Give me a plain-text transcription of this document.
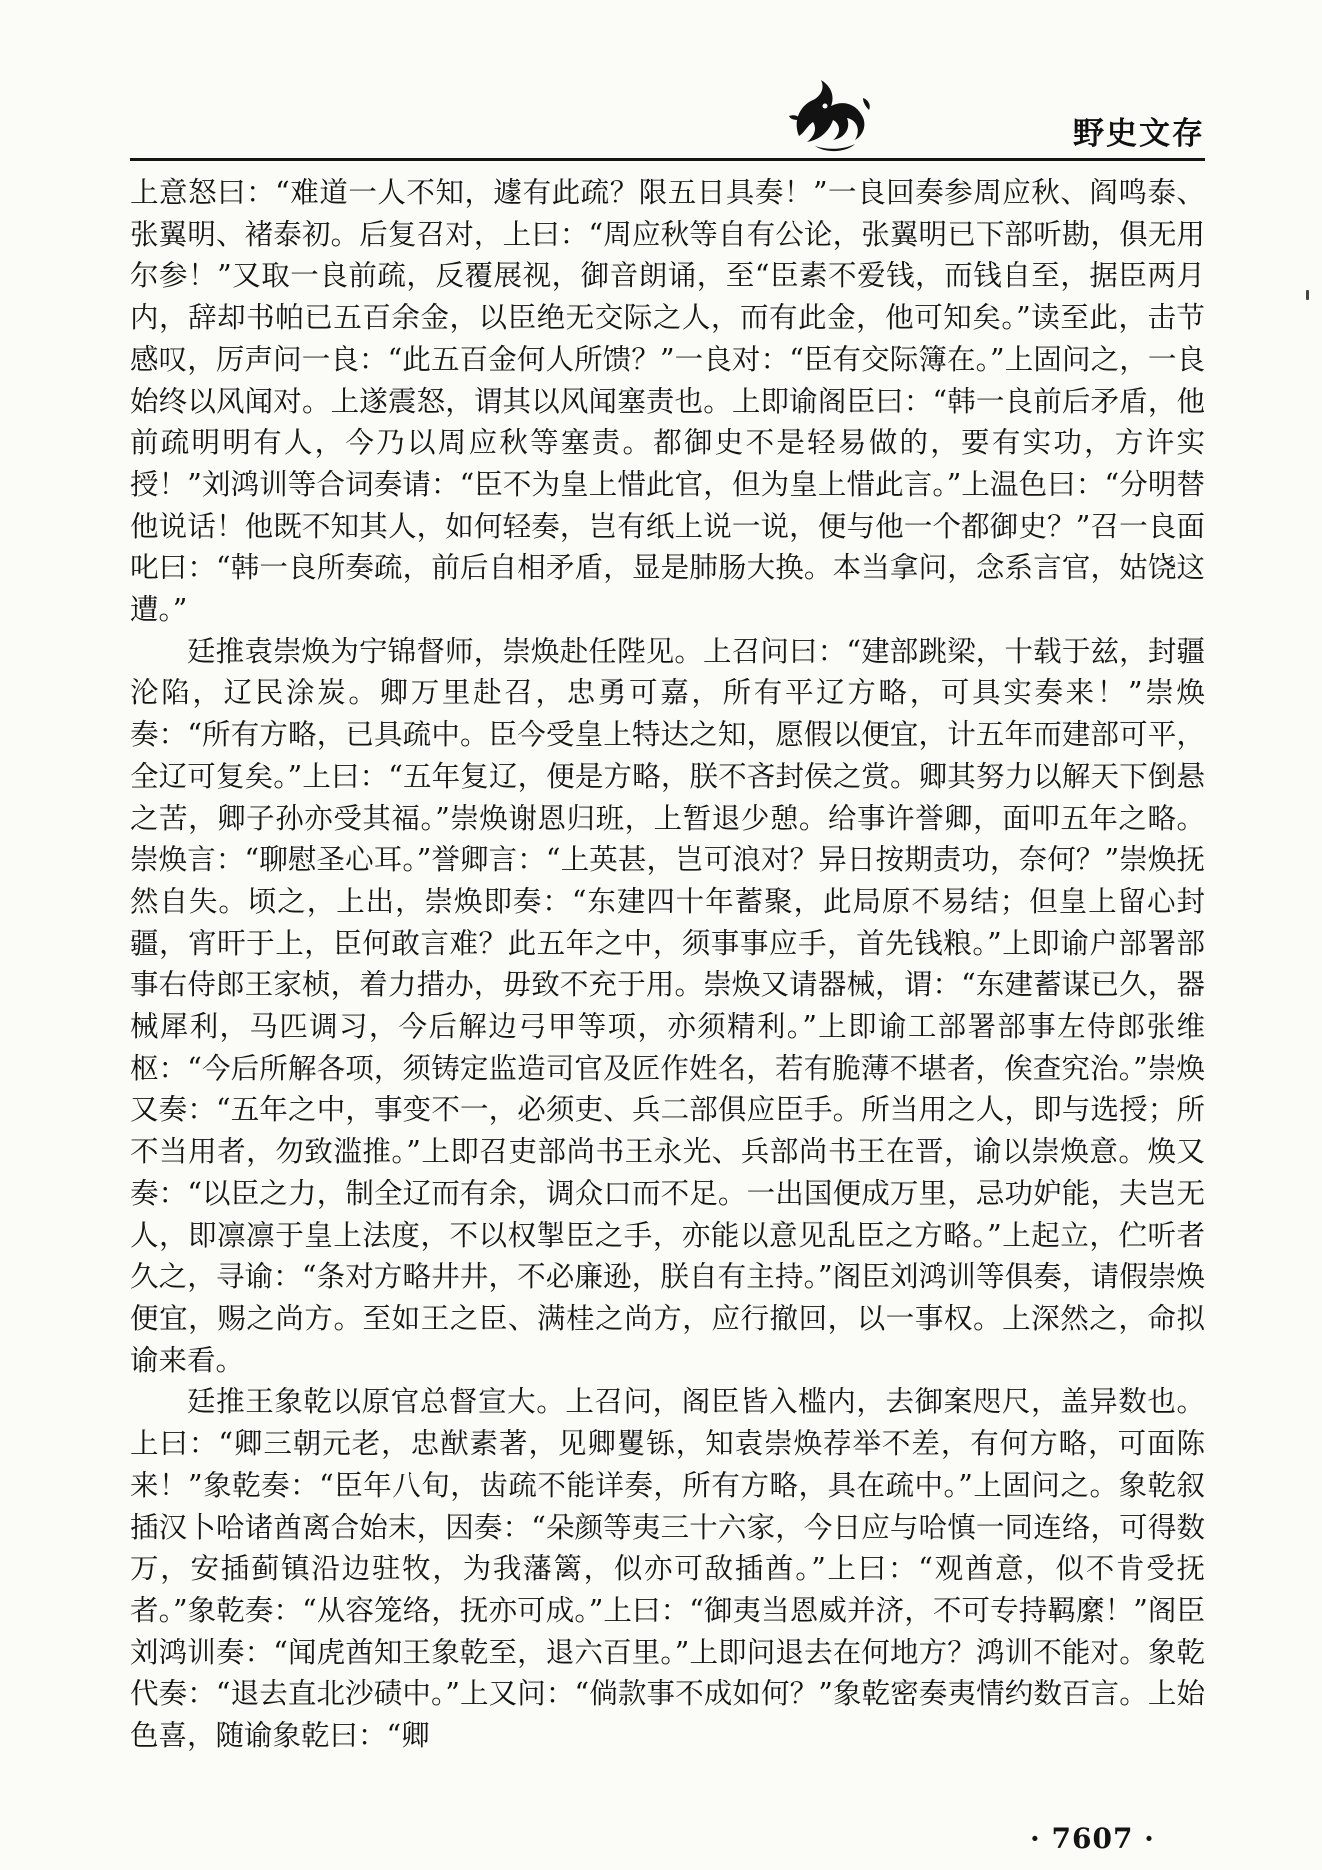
野史文存

上意怒曰：“难道一人不知，遽有此疏？限五日具奏！”一良回奏参周应秋、阎鸣泰、张翼明、褚泰初。后复召对，上曰：“周应秋等自有公论，张翼明已下部听勘，俱无用尔参！”又取一良前疏，反覆展视，御音朗诵，至“臣素不爱钱，而钱自至，据臣两月内，辞却书帕已五百余金，以臣绝无交际之人，而有此金，他可知矣。”读至此，击节感叹，厉声问一良：“此五百金何人所馈？”一良对：“臣有交际簿在。”上固问之，一良始终以风闻对。上遂震怒，谓其以风闻塞责也。上即谕阁臣曰：“韩一良前后矛盾，他前疏明明有人，今乃以周应秋等塞责。都御史不是轻易做的，要有实功，方许实授！”刘鸿训等合词奏请：“臣不为皇上惜此官，但为皇上惜此言。”上温色曰：“分明替他说话！他既不知其人，如何轻奏，岂有纸上说一说，便与他一个都御史？”召一良面叱曰：“韩一良所奏疏，前后自相矛盾，显是肺肠大换。本当拿问，念系言官，姑饶这遭。”

廷推袁崇焕为宁锦督师，崇焕赴任陛见。上召问曰：“建部跳梁，十载于兹，封疆沦陷，辽民涂炭。卿万里赴召，忠勇可嘉，所有平辽方略，可具实奏来！”崇焕奏：“所有方略，已具疏中。臣今受皇上特达之知，愿假以便宜，计五年而建部可平，全辽可复矣。”上曰：“五年复辽，便是方略，朕不吝封侯之赏。卿其努力以解天下倒悬之苦，卿子孙亦受其福。”崇焕谢恩归班，上暂退少憩。给事许誉卿，面叩五年之略。崇焕言：“聊慰圣心耳。”誉卿言：“上英甚，岂可浪对？异日按期责功，奈何？”崇焕抚然自失。顷之，上出，崇焕即奏：“东建四十年蓄聚，此局原不易结；但皇上留心封疆，宵旰于上，臣何敢言难？此五年之中，须事事应手，首先钱粮。”上即谕户部署部事右侍郎王家桢，着力措办，毋致不充于用。崇焕又请器械，谓：“东建蓄谋已久，器械犀利，马匹调习，今后解边弓甲等项，亦须精利。”上即谕工部署部事左侍郎张维枢：“今后所解各项，须铸定监造司官及匠作姓名，若有脆薄不堪者，俟查究治。”崇焕又奏：“五年之中，事变不一，必须吏、兵二部俱应臣手。所当用之人，即与选授；所不当用者，勿致滥推。”上即召吏部尚书王永光、兵部尚书王在晋，谕以崇焕意。焕又奏：“以臣之力，制全辽而有余，调众口而不足。一出国便成万里，忌功妒能，夫岂无人，即凛凛于皇上法度，不以权掣臣之手，亦能以意见乱臣之方略。”上起立，伫听者久之，寻谕：“条对方略井井，不必廉逊，朕自有主持。”阁臣刘鸿训等俱奏，请假崇焕便宜，赐之尚方。至如王之臣、满桂之尚方，应行撤回，以一事权。上深然之，命拟谕来看。

廷推王象乾以原官总督宣大。上召问，阁臣皆入槛内，去御案咫尺，盖异数也。上曰：“卿三朝元老，忠猷素著，见卿矍铄，知袁崇焕荐举不差，有何方略，可面陈来！”象乾奏：“臣年八旬，齿疏不能详奏，所有方略，具在疏中。”上固问之。象乾叙插汉卜哈诸酋离合始末，因奏：“朵颜等夷三十六家，今日应与哈慎一同连络，可得数万，安插蓟镇沿边驻牧，为我藩篱，似亦可敌插酋。”上曰：“观酋意，似不肯受抚者。”象乾奏：“从容笼络，抚亦可成。”上曰：“御夷当恩威并济，不可专持羁縻！”阁臣刘鸿训奏：“闻虎酋知王象乾至，退六百里。”上即问退去在何地方？鸿训不能对。象乾代奏：“退去直北沙碛中。”上又问：“倘款事不成如何？”象乾密奏夷情约数百言。上始色喜，随谕象乾曰：“卿

· 7607 ·
